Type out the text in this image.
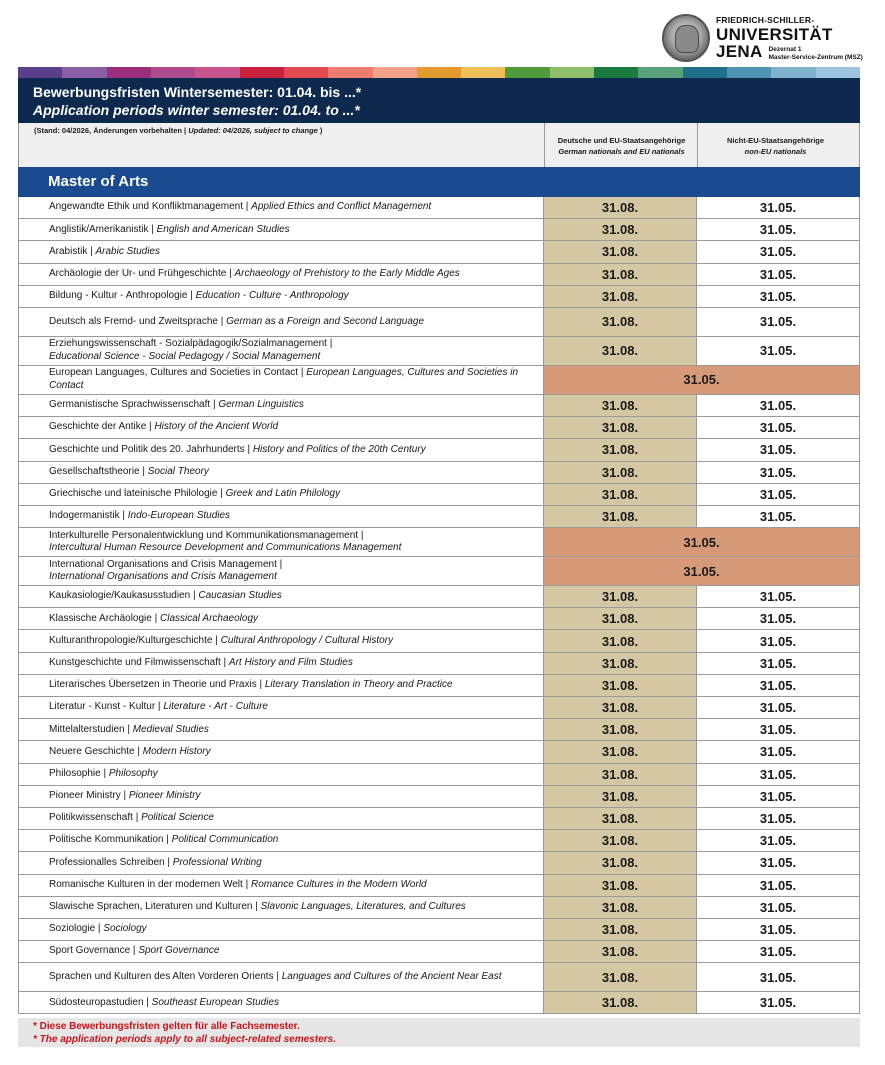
FRIEDRICH-SCHILLER-
UNIVERSITÄT
JENA Dezernat 1
Master-Service-Zentrum (MSZ)
Bewerbungsfristen Wintersemester: 01.04. bis ...*
Application periods winter semester: 01.04. to ...*
(Stand: 04/2026, Änderungen vorbehalten | Updated: 04/2026, subject to change )
Deutsche und EU-Staatsangehörige
German nationals and EU nationals
Nicht-EU-Staatsangehörige
non-EU nationals
Master of Arts
Angewandte Ethik und Konfliktmanagement | Applied Ethics and Conflict Management	31.08.	31.05.
Anglistik/Amerikanistik | English and American Studies	31.08.	31.05.
Arabistik | Arabic Studies	31.08.	31.05.
Archäologie der Ur- und Frühgeschichte | Archaeology of Prehistory to the Early Middle Ages	31.08.	31.05.
Bildung - Kultur - Anthropologie | Education - Culture - Anthropology	31.08.	31.05.
Deutsch als Fremd- und Zweitsprache | German as a Foreign and Second Language	31.08.	31.05.
Erziehungswissenschaft - Sozialpädagogik/Sozialmanagement |
Educational Science - Social Pedagogy / Social Management	31.08.	31.05.
European Languages, Cultures and Societies in Contact | European Languages, Cultures and Societies in
Contact	31.05.
Germanistische Sprachwissenschaft | German Linguistics	31.08.	31.05.
Geschichte der Antike | History of the Ancient World	31.08.	31.05.
Geschichte und Politik des 20. Jahrhunderts | History and Politics of the 20th Century	31.08.	31.05.
Gesellschaftstheorie | Social Theory	31.08.	31.05.
Griechische und lateinische Philologie | Greek and Latin Philology	31.08.	31.05.
Indogermanistik | Indo-European Studies	31.08.	31.05.
Interkulturelle Personalentwicklung und Kommunikationsmanagement |
Intercultural Human Resource Development and Communications Management	31.05.
International Organisations and Crisis Management |
International Organisations and Crisis Management	31.05.
Kaukasiologie/Kaukasusstudien | Caucasian Studies	31.08.	31.05.
Klassische Archäologie | Classical Archaeology	31.08.	31.05.
Kulturanthropologie/Kulturgeschichte | Cultural Anthropology / Cultural History	31.08.	31.05.
Kunstgeschichte und Filmwissenschaft | Art History and Film Studies	31.08.	31.05.
Literarisches Übersetzen in Theorie und Praxis | Literary Translation in Theory and Practice	31.08.	31.05.
Literatur - Kunst - Kultur | Literature - Art - Culture	31.08.	31.05.
Mittelalterstudien | Medieval Studies	31.08.	31.05.
Neuere Geschichte | Modern History	31.08.	31.05.
Philosophie | Philosophy	31.08.	31.05.
Pioneer Ministry | Pioneer Ministry	31.08.	31.05.
Politikwissenschaft | Political Science	31.08.	31.05.
Politische Kommunikation | Political Communication	31.08.	31.05.
Professionalles Schreiben | Professional Writing	31.08.	31.05.
Romanische Kulturen in der modernen Welt | Romance Cultures in the Modern World	31.08.	31.05.
Slawische Sprachen, Literaturen und Kulturen | Slavonic Languages, Literatures, and Cultures	31.08.	31.05.
Soziologie | Sociology	31.08.	31.05.
Sport Governance | Sport Governance	31.08.	31.05.
Sprachen und Kulturen des Alten Vorderen Orients | Languages and Cultures of the Ancient Near East	31.08.	31.05.
Südosteuropastudien | Southeast European Studies	31.08.	31.05.
* Diese Bewerbungsfristen gelten für alle Fachsemester.
* The application periods apply to all subject-related semesters.
